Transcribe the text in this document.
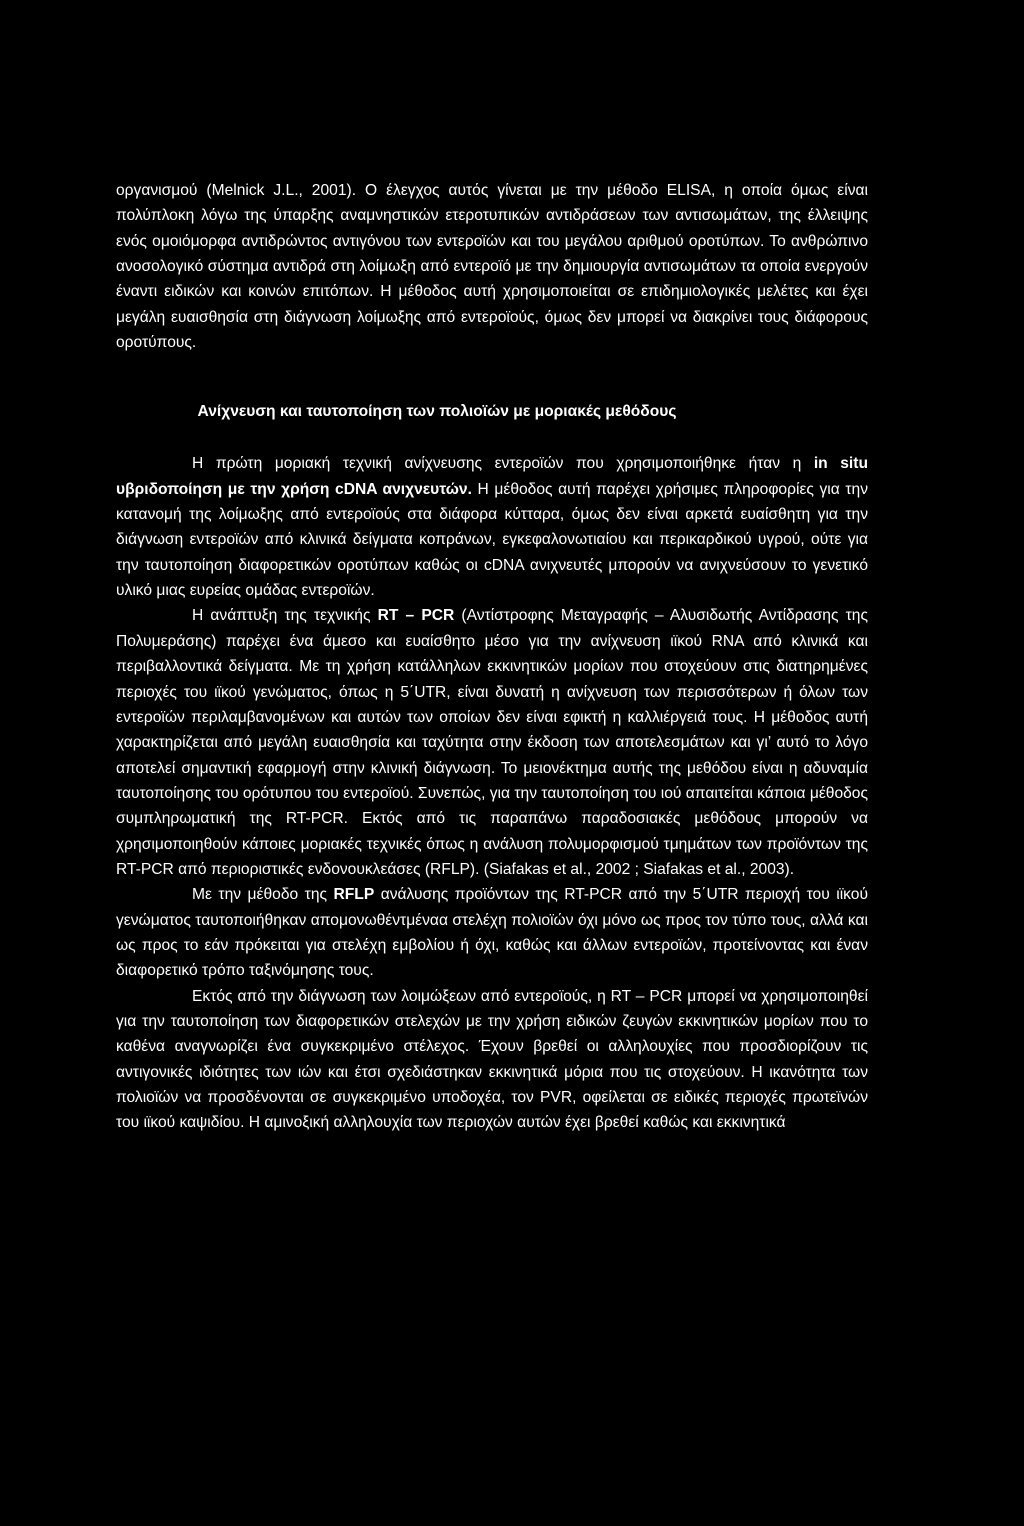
οργανισμού (Melnick J.L., 2001). Ο έλεγχος αυτός γίνεται με την μέθοδο ELISA, η οποία όμως είναι πολύπλοκη λόγω της ύπαρξης αναμνηστικών ετεροτυπικών αντιδράσεων των αντισωμάτων, της έλλειψης ενός ομοιόμορφα αντιδρώντος αντιγόνου των εντεροϊών και του μεγάλου αριθμού οροτύπων. Το ανθρώπινο ανοσολογικό σύστημα αντιδρά στη λοίμωξη από εντεροϊό με την δημιουργία αντισωμάτων τα οποία ενεργούν έναντι ειδικών και κοινών επιτόπων. Η μέθοδος αυτή χρησιμοποιείται σε επιδημιολογικές μελέτες και έχει μεγάλη ευαισθησία στη διάγνωση λοίμωξης από εντεροϊούς, όμως δεν μπορεί να διακρίνει τους διάφορους οροτύπους.

Ανίχνευση και ταυτοποίηση των πολιοϊών με μοριακές μεθόδους

Η πρώτη μοριακή τεχνική ανίχνευσης εντεροϊών που χρησιμοποιήθηκε ήταν η in situ υβριδοποίηση με την χρήση cDNA ανιχνευτών. Η μέθοδος αυτή παρέχει χρήσιμες πληροφορίες για την κατανομή της λοίμωξης από εντεροϊούς στα διάφορα κύτταρα, όμως δεν είναι αρκετά ευαίσθητη για την διάγνωση εντεροϊών από κλινικά δείγματα κοπράνων, εγκεφαλονωτιαίου και περικαρδικού υγρού, ούτε για την ταυτοποίηση διαφορετικών οροτύπων καθώς οι cDNA ανιχνευτές μπορούν να ανιχνεύσουν το γενετικό υλικό μιας ευρείας ομάδας εντεροϊών.

Η ανάπτυξη της τεχνικής RT – PCR (Αντίστροφης Μεταγραφής – Αλυσιδωτής Αντίδρασης της Πολυμεράσης) παρέχει ένα άμεσο και ευαίσθητο μέσο για την ανίχνευση ιϊκού RNA από κλινικά και περιβαλλοντικά δείγματα. Με τη χρήση κατάλληλων εκκινητικών μορίων που στοχεύουν στις διατηρημένες περιοχές του ιϊκού γενώματος, όπως η 5΄UTR, είναι δυνατή η ανίχνευση των περισσότερων ή όλων των εντεροϊών περιλαμβανομένων και αυτών των οποίων δεν είναι εφικτή η καλλιέργειά τους. Η μέθοδος αυτή χαρακτηρίζεται από μεγάλη ευαισθησία και ταχύτητα στην έκδοση των αποτελεσμάτων και γι’ αυτό το λόγο αποτελεί σημαντική εφαρμογή στην κλινική διάγνωση. Το μειονέκτημα αυτής της μεθόδου είναι η αδυναμία ταυτοποίησης του ορότυπου του εντεροϊού. Συνεπώς, για την ταυτοποίηση του ιού απαιτείται κάποια μέθοδος συμπληρωματική της RT-PCR. Εκτός από τις παραπάνω παραδοσιακές μεθόδους μπορούν να χρησιμοποιηθούν κάποιες μοριακές τεχνικές όπως η ανάλυση πολυμορφισμού τμημάτων των προϊόντων της RT-PCR από περιοριστικές ενδονουκλεάσες (RFLP). (Siafakas et al., 2002 ; Siafakas et al., 2003).

Με την μέθοδο της RFLP ανάλυσης προϊόντων της RT-PCR από την 5΄UTR περιοχή του ιϊκού γενώματος ταυτοποιήθηκαν απομονωθέντμέναα στελέχη πολιοϊών όχι μόνο ως προς τον τύπο τους, αλλά και ως προς το εάν πρόκειται για στελέχη εμβολίου ή όχι, καθώς και άλλων εντεροϊών, προτείνοντας και έναν διαφορετικό τρόπο ταξινόμησης τους.

Εκτός από την διάγνωση των λοιμώξεων από εντεροϊούς, η RT – PCR μπορεί να χρησιμοποιηθεί για την ταυτοποίηση των διαφορετικών στελεχών με την χρήση ειδικών ζευγών εκκινητικών μορίων που το καθένα αναγνωρίζει ένα συγκεκριμένο στέλεχος. Έχουν βρεθεί οι αλληλουχίες που προσδιορίζουν τις αντιγονικές ιδιότητες των ιών και έτσι σχεδιάστηκαν εκκινητικά μόρια που τις στοχεύουν. Η ικανότητα των πολιοϊών να προσδένονται σε συγκεκριμένο υποδοχέα, τον PVR, οφείλεται σε ειδικές περιοχές πρωτεϊνών του ιϊκού καψιδίου. Η αμινοξική αλληλουχία των περιοχών αυτών έχει βρεθεί καθώς και εκκινητικά
